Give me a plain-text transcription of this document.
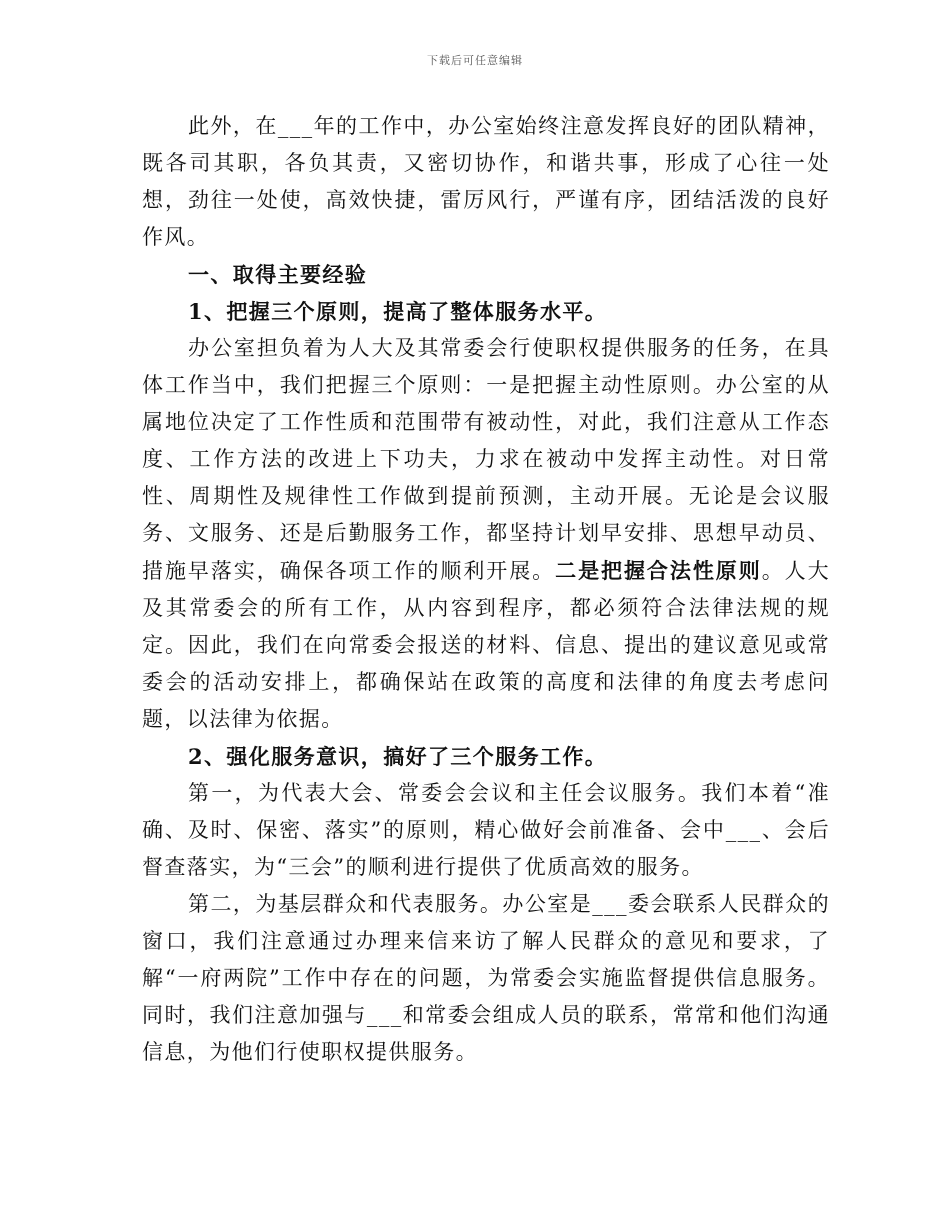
下载后可任意编辑

此外，在___年的工作中，办公室始终注意发挥良好的团队精神，既各司其职，各负其责，又密切协作，和谐共事，形成了心往一处想，劲往一处使，高效快捷，雷厉风行，严谨有序，团结活泼的良好作风。

一、取得主要经验

1、把握三个原则，提高了整体服务水平。

办公室担负着为人大及其常委会行使职权提供服务的任务，在具体工作当中，我们把握三个原则：一是把握主动性原则。办公室的从属地位决定了工作性质和范围带有被动性，对此，我们注意从工作态度、工作方法的改进上下功夫，力求在被动中发挥主动性。对日常性、周期性及规律性工作做到提前预测，主动开展。无论是会议服务、文服务、还是后勤服务工作，都坚持计划早安排、思想早动员、措施早落实，确保各项工作的顺利开展。二是把握合法性原则。人大及其常委会的所有工作，从内容到程序，都必须符合法律法规的规定。因此，我们在向常委会报送的材料、信息、提出的建议意见或常委会的活动安排上，都确保站在政策的高度和法律的角度去考虑问题，以法律为依据。

2、强化服务意识，搞好了三个服务工作。

第一，为代表大会、常委会会议和主任会议服务。我们本着“准确、及时、保密、落实”的原则，精心做好会前准备、会中___、会后督查落实，为“三会”的顺利进行提供了优质高效的服务。

第二，为基层群众和代表服务。办公室是___委会联系人民群众的窗口，我们注意通过办理来信来访了解人民群众的意见和要求，了解“一府两院”工作中存在的问题，为常委会实施监督提供信息服务。同时，我们注意加强与___和常委会组成人员的联系，常常和他们沟通信息，为他们行使职权提供服务。
